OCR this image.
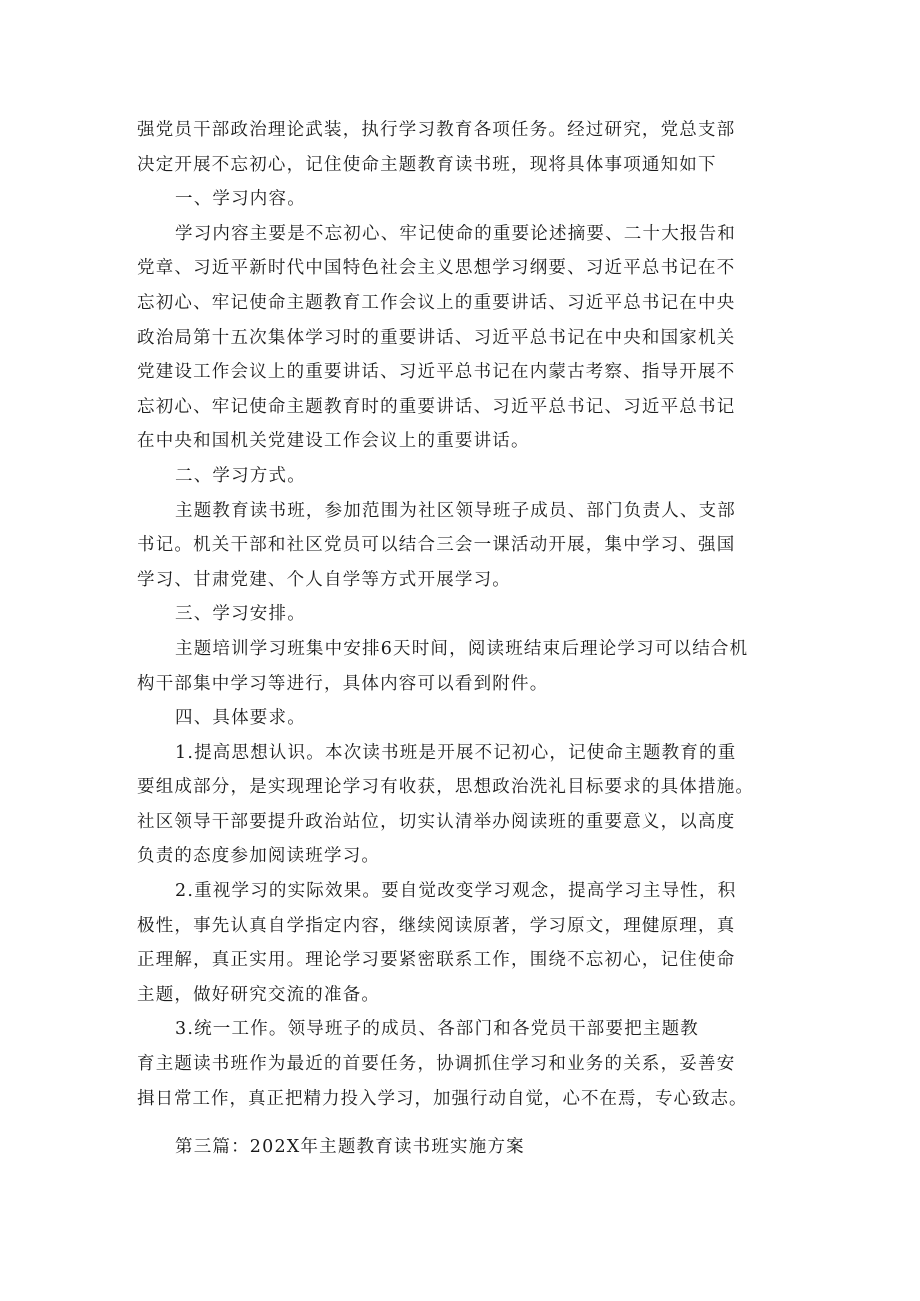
强党员干部政治理论武装，执行学习教育各项任务。经过研究，党总支部
决定开展不忘初心，记住使命主题教育读书班，现将具体事项通知如下
一、学习内容。
学习内容主要是不忘初心、牢记使命的重要论述摘要、二十大报告和
党章、习近平新时代中国特色社会主义思想学习纲要、习近平总书记在不
忘初心、牢记使命主题教育工作会议上的重要讲话、习近平总书记在中央
政治局第十五次集体学习时的重要讲话、习近平总书记在中央和国家机关
党建设工作会议上的重要讲话、习近平总书记在内蒙古考察、指导开展不
忘初心、牢记使命主题教育时的重要讲话、习近平总书记、习近平总书记
在中央和国机关党建设工作会议上的重要讲话。
二、学习方式。
主题教育读书班，参加范围为社区领导班子成员、部门负责人、支部
书记。机关干部和社区党员可以结合三会一课活动开展，集中学习、强国
学习、甘肃党建、个人自学等方式开展学习。
三、学习安排。
主题培训学习班集中安排6天时间，阅读班结束后理论学习可以结合机
构干部集中学习等进行，具体内容可以看到附件。
四、具体要求。
1.提高思想认识。本次读书班是开展不记初心，记使命主题教育的重
要组成部分，是实现理论学习有收获，思想政治洗礼目标要求的具体措施。
社区领导干部要提升政治站位，切实认清举办阅读班的重要意义，以高度
负责的态度参加阅读班学习。
2.重视学习的实际效果。要自觉改变学习观念，提高学习主导性，积
极性，事先认真自学指定内容，继续阅读原著，学习原文，理健原理，真
正理解，真正实用。理论学习要紧密联系工作，围绕不忘初心，记住使命
主题，做好研究交流的准备。
3.统一工作。领导班子的成员、各部门和各党员干部要把主题教
育主题读书班作为最近的首要任务，协调抓住学习和业务的关系，妥善安
揖日常工作，真正把精力投入学习，加强行动自觉，心不在焉，专心致志。
第三篇：202X年主题教育读书班实施方案
